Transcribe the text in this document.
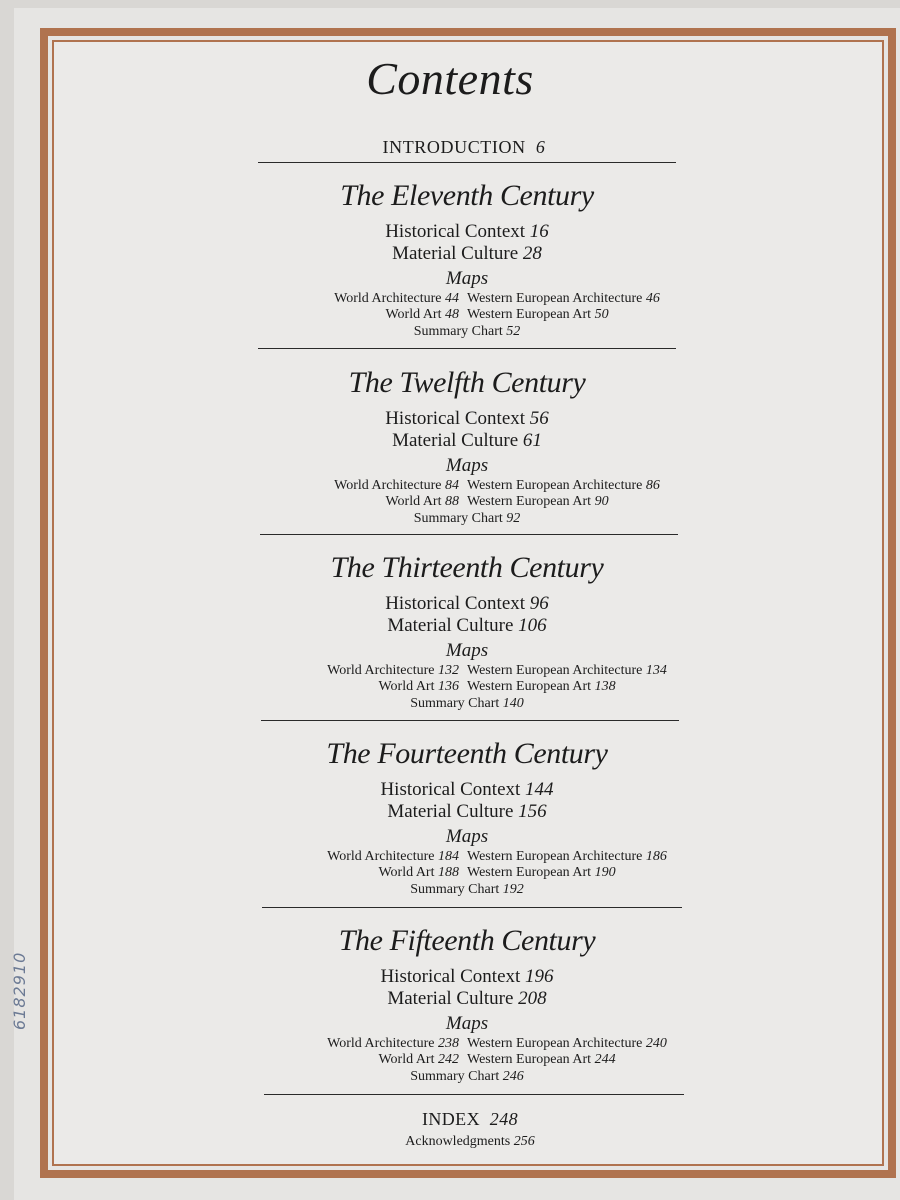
6182910
Contents
INTRODUCTION 6
The Eleventh Century
Historical Context 16
Material Culture 28
Maps
World Architecture 44 Western European Architecture 46
World Art 48 Western European Art 50
Summary Chart 52
The Twelfth Century
Historical Context 56
Material Culture 61
Maps
World Architecture 84 Western European Architecture 86
World Art 88 Western European Art 90
Summary Chart 92
The Thirteenth Century
Historical Context 96
Material Culture 106
Maps
World Architecture 132 Western European Architecture 134
World Art 136 Western European Art 138
Summary Chart 140
The Fourteenth Century
Historical Context 144
Material Culture 156
Maps
World Architecture 184 Western European Architecture 186
World Art 188 Western European Art 190
Summary Chart 192
The Fifteenth Century
Historical Context 196
Material Culture 208
Maps
World Architecture 238 Western European Architecture 240
World Art 242 Western European Art 244
Summary Chart 246
INDEX 248
Acknowledgments 256
